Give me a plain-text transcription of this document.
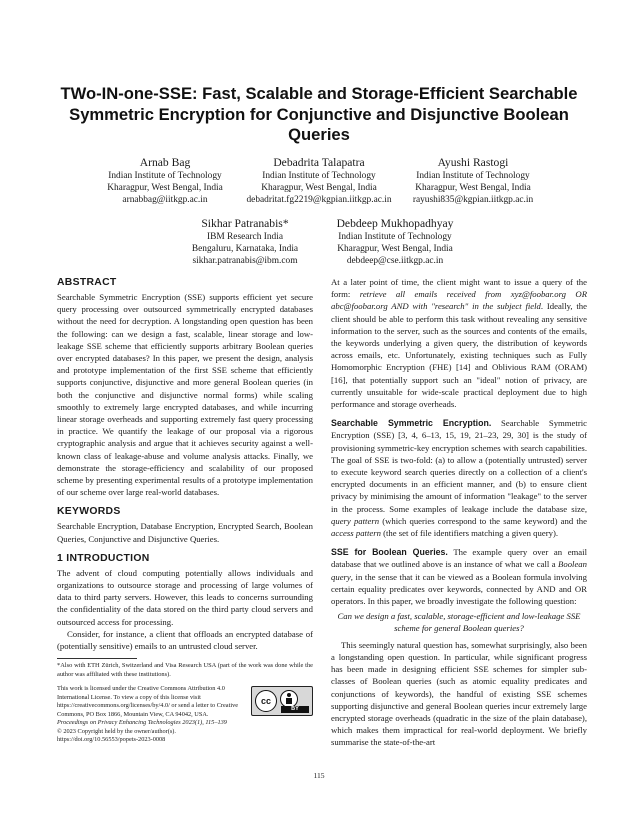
TWo-IN-one-SSE: Fast, Scalable and Storage-Efficient Searchable Symmetric Encryption for Conjunctive and Disjunctive Boolean Queries
Arnab Bag
Indian Institute of Technology
Kharagpur, West Bengal, India
arnabbag@iitkgp.ac.in
Debadrita Talapatra
Indian Institute of Technology
Kharagpur, West Bengal, India
debadritat.fg2219@kgpian.iitkgp.ac.in
Ayushi Rastogi
Indian Institute of Technology
Kharagpur, West Bengal, India
rayushi835@kgpian.iitkgp.ac.in
Sikhar Patranabis*
IBM Research India
Bengaluru, Karnataka, India
sikhar.patranabis@ibm.com
Debdeep Mukhopadhyay
Indian Institute of Technology
Kharagpur, West Bengal, India
debdeep@cse.iitkgp.ac.in
ABSTRACT

Searchable Symmetric Encryption (SSE) supports efficient yet secure query processing over outsourced symmetrically encrypted databases without the need for decryption. A longstanding open question has been the following: can we design a fast, scalable, linear storage and low-leakage SSE scheme that efficiently supports arbitrary Boolean queries over encrypted databases? In this paper, we present the design, analysis and prototype implementation of the first SSE scheme that efficiently supports conjunctive, disjunctive and more general Boolean queries (in both the conjunctive and disjunctive normal forms) while scaling smoothly to extremely large encrypted databases, and while incurring linear storage overheads and supporting extremely fast query processing in practice. We quantify the leakage of our proposal via a rigorous cryptographic analysis and argue that it achieves security against a well-known class of leakage-abuse and volume analysis attacks. Finally, we demonstrate the storage-efficiency and scalability of our proposed scheme by presenting experimental results of a prototype implementation of our scheme over large real-world databases.

KEYWORDS

Searchable Encryption, Database Encryption, Encrypted Search, Boolean Queries, Conjunctive and Disjunctive Queries.

1 INTRODUCTION

The advent of cloud computing potentially allows individuals and organizations to outsource storage and processing of large volumes of data to third party servers. However, this leads to concerns surrounding the confidentiality of the data stored on the third party cloud servers and outsourced access for processing.

Consider, for instance, a client that offloads an encrypted database of (potentially sensitive) emails to an untrusted cloud server.

*Also with ETH Zürich, Switzerland and Visa Research USA (part of the work was done while the author was affiliated with these institutions).
This work is licensed under the Creative Commons Attribution 4.0 International License. To view a copy of this license visit https://creativecommons.org/licenses/by/4.0/ or send a letter to Creative Commons, PO Box 1866, Mountain View, CA 94042, USA.
cc
BY
Proceedings on Privacy Enhancing Technologies 2023(1), 115–139
© 2023 Copyright held by the owner/author(s).
https://doi.org/10.56553/popets-2023-0008

At a later point of time, the client might want to issue a query of the form: retrieve all emails received from xyz@foobar.org OR abc@foobar.org AND with "research" in the subject field. Ideally, the client should be able to perform this task without revealing any sensitive information to the server, such as the sources and contents of the emails, the keywords underlying a given query, the distribution of keywords across emails, etc. Unfortunately, existing techniques such as Fully Homomorphic Encryption (FHE) [14] and Oblivious RAM (ORAM) [16], that potentially support such an "ideal" notion of privacy, are currently unsuitable for wide-scale practical deployment due to high performance and storage overheads.

Searchable Symmetric Encryption. Searchable Symmetric Encryption (SSE) [3, 4, 6–13, 15, 19, 21–23, 29, 30] is the study of provisioning symmetric-key encryption schemes with search capabilities. The goal of SSE is two-fold: (a) to allow a (potentially untrusted) server to execute keyword search queries directly on a collection of a client's encrypted documents in an efficient manner, and (b) to ensure client privacy by minimising the amount of information "leakage" to the server in the process. Some examples of leakage include the database size, query pattern (which queries correspond to the same keyword) and the access pattern (the set of file identifiers matching a given query).

SSE for Boolean Queries. The example query over an email database that we outlined above is an instance of what we call a Boolean query, in the sense that it can be viewed as a Boolean formula involving certain equality predicates over keywords, connected by AND and OR operators. In this paper, we broadly investigate the following question:

Can we design a fast, scalable, storage-efficient and low-leakage SSE scheme for general Boolean queries?

This seemingly natural question has, somewhat surprisingly, also been a longstanding open question. In particular, while significant progress has been made in designing efficient SSE schemes for simpler sub-classes of Boolean queries (such as atomic equality predicates and conjunctions of keywords), the handful of existing SSE schemes supporting disjunctive and general Boolean queries incur extremely large encrypted storage overheads (quadratic in the size of the plain database), which makes them impractical for real-world deployment. We briefly summarise the state-of-the-art

115
